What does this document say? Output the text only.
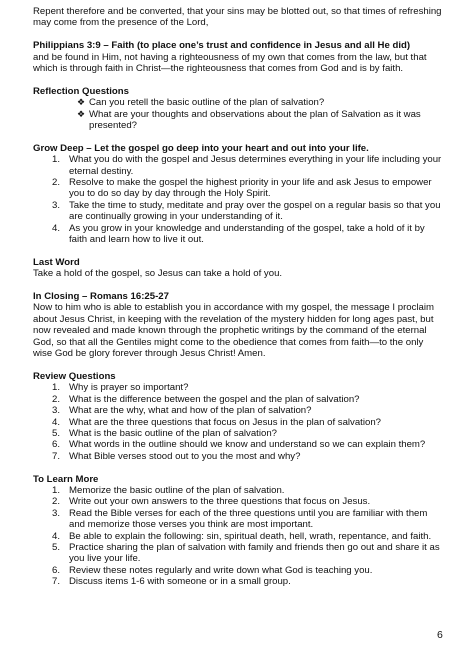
Repent therefore and be converted, that your sins may be blotted out, so that times of refreshing may come from the presence of the Lord,

Philippians 3:9 – Faith (to place one’s trust and confidence in Jesus and all He did)

and be found in Him, not having a righteousness of my own that comes from the law, but that which is through faith in Christ—the righteousness that comes from God and is by faith.

Reflection Questions

❖ Can you retell the basic outline of the plan of salvation?
❖ What are your thoughts and observations about the plan of Salvation as it was presented?

Grow Deep – Let the gospel go deep into your heart and out into your life.

1. What you do with the gospel and Jesus determines everything in your life including your eternal destiny.
2. Resolve to make the gospel the highest priority in your life and ask Jesus to empower you to do so day by day through the Holy Spirit.
3. Take the time to study, meditate and pray over the gospel on a regular basis so that you are continually growing in your understanding of it.
4. As you grow in your knowledge and understanding of the gospel, take a hold of it by faith and learn how to live it out.

Last Word

Take a hold of the gospel, so Jesus can take a hold of you.

In Closing – Romans 16:25-27

Now to him who is able to establish you in accordance with my gospel, the message I proclaim about Jesus Christ, in keeping with the revelation of the mystery hidden for long ages past, but now revealed and made known through the prophetic writings by the command of the eternal God, so that all the Gentiles might come to the obedience that comes from faith—to the only wise God be glory forever through Jesus Christ! Amen.

Review Questions

1. Why is prayer so important?
2. What is the difference between the gospel and the plan of salvation?
3. What are the why, what and how of the plan of salvation?
4. What are the three questions that focus on Jesus in the plan of salvation?
5. What is the basic outline of the plan of salvation?
6. What words in the outline should we know and understand so we can explain them?
7. What Bible verses stood out to you the most and why?

To Learn More

1. Memorize the basic outline of the plan of salvation.
2. Write out your own answers to the three questions that focus on Jesus.
3. Read the Bible verses for each of the three questions until you are familiar with them and memorize those verses you think are most important.
4. Be able to explain the following: sin, spiritual death, hell, wrath, repentance, and faith.
5. Practice sharing the plan of salvation with family and friends then go out and share it as you live your life.
6. Review these notes regularly and write down what God is teaching you.
7. Discuss items 1-6 with someone or in a small group.
6
